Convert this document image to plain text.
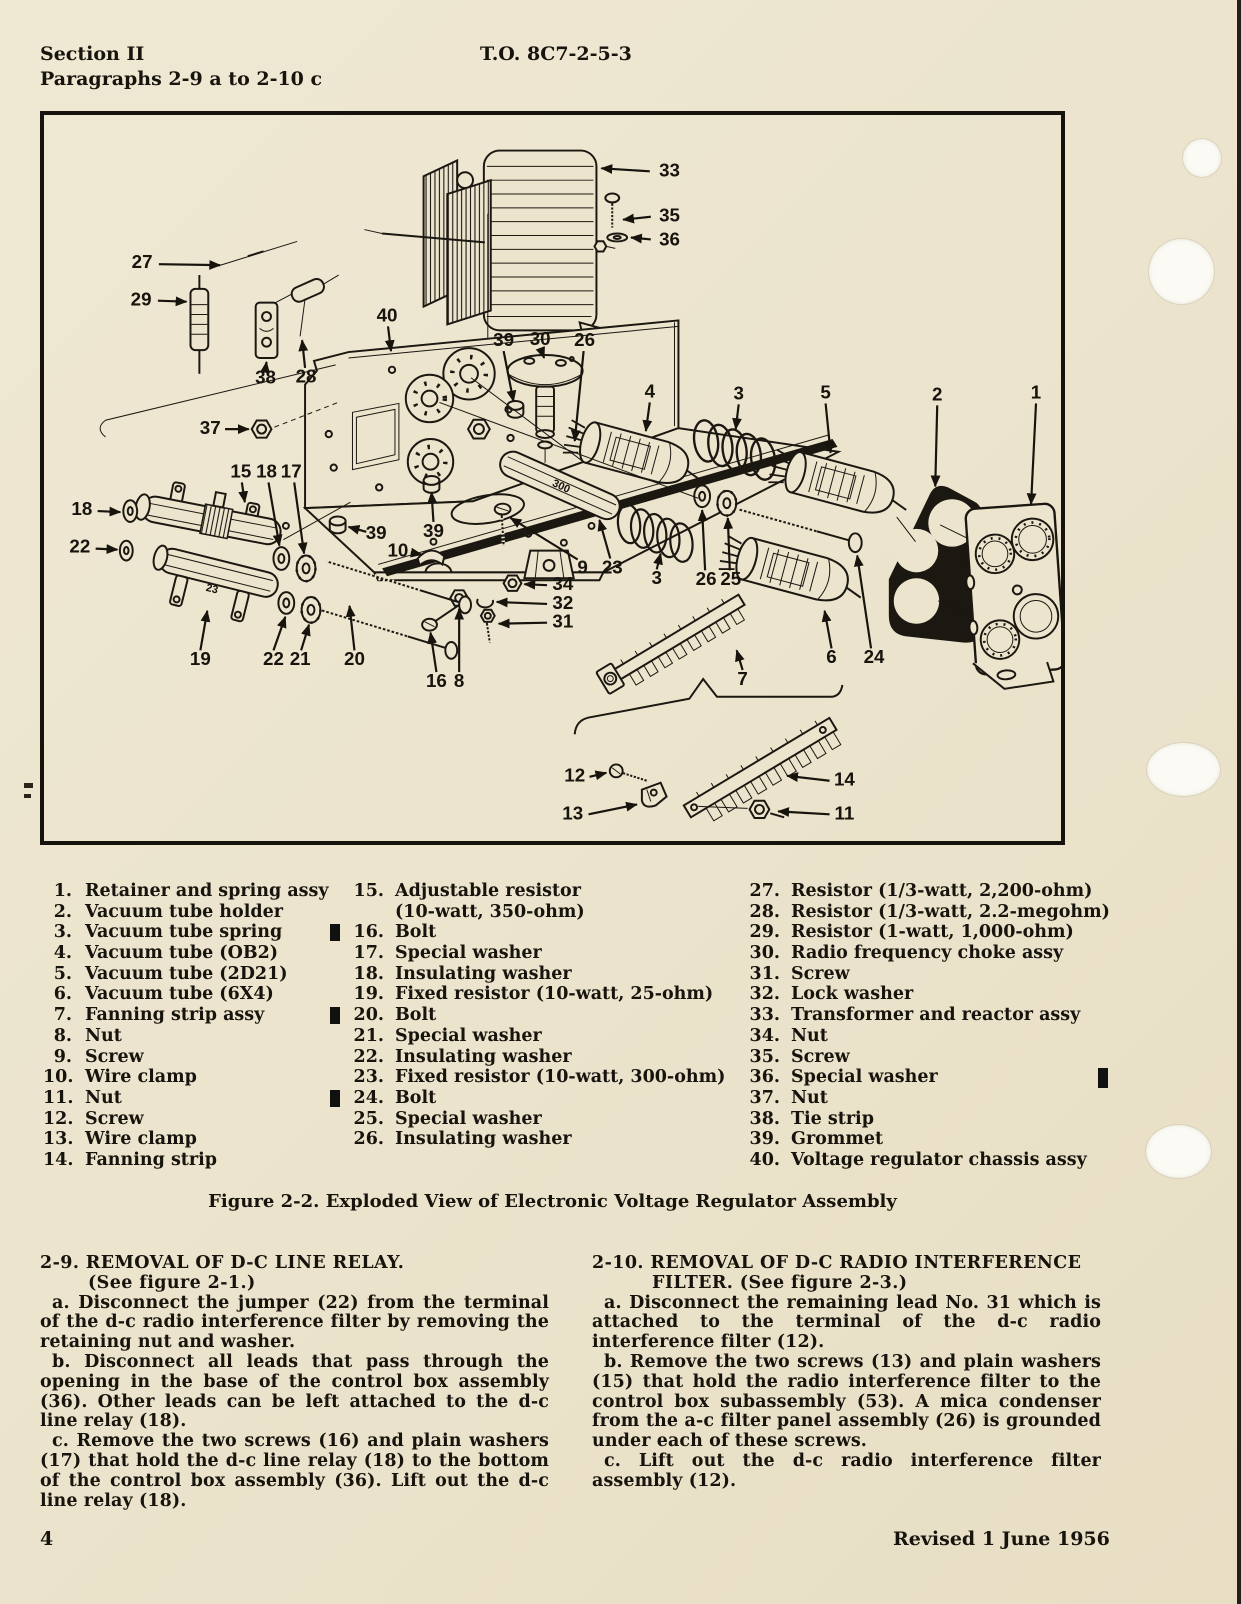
Section II
Paragraphs 2-9 a to 2-10 c
T.O. 8C7-2-5-3
33
35
36
27
29
38 28
40
39 30 26
4	3	5	2	1
37
15 18 17
18
22
39 39
10
9 23
3 26 25
34
32
31
19	22 21 20
16 8
6 24
7
12
13
14
11
300
23
1. Retainer and spring assy
2. Vacuum tube holder
3. Vacuum tube spring
4. Vacuum tube (OB2)
5. Vacuum tube (2D21)
6. Vacuum tube (6X4)
7. Fanning strip assy
8. Nut
9. Screw
10. Wire clamp
11. Nut
12. Screw
13. Wire clamp
14. Fanning strip
15. Adjustable resistor
(10-watt, 350-ohm)
16. Bolt
17. Special washer
18. Insulating washer
19. Fixed resistor (10-watt, 25-ohm)
20. Bolt
21. Special washer
22. Insulating washer
23. Fixed resistor (10-watt, 300-ohm)
24. Bolt
25. Special washer
26. Insulating washer
27. Resistor (1/3-watt, 2,200-ohm)
28. Resistor (1/3-watt, 2.2-megohm)
29. Resistor (1-watt, 1,000-ohm)
30. Radio frequency choke assy
31. Screw
32. Lock washer
33. Transformer and reactor assy
34. Nut
35. Screw
36. Special washer
37. Nut
38. Tie strip
39. Grommet
40. Voltage regulator chassis assy
Figure 2-2. Exploded View of Electronic Voltage Regulator Assembly

2-9. REMOVAL OF D-C LINE RELAY.

(See figure 2-1.)

a. Disconnect the jumper (22) from the terminal of the d-c radio interference filter by removing the retaining nut and washer.

b. Disconnect all leads that pass through the opening in the base of the control box assembly (36). Other leads can be left attached to the d-c line relay (18).

c. Remove the two screws (16) and plain washers (17) that hold the d-c line relay (18) to the bottom of the control box assembly (36). Lift out the d-c line relay (18).

2-10. REMOVAL OF D-C RADIO INTERFERENCE

FILTER. (See figure 2-3.)

a. Disconnect the remaining lead No. 31 which is attached to the terminal of the d-c radio interference filter (12).

b. Remove the two screws (13) and plain washers (15) that hold the radio interference filter to the control box subassembly (53). A mica condenser from the a-c filter panel assembly (26) is grounded under each of these screws.

c. Lift out the d-c radio interference filter assembly (12).

4	Revised 1 June 1956
